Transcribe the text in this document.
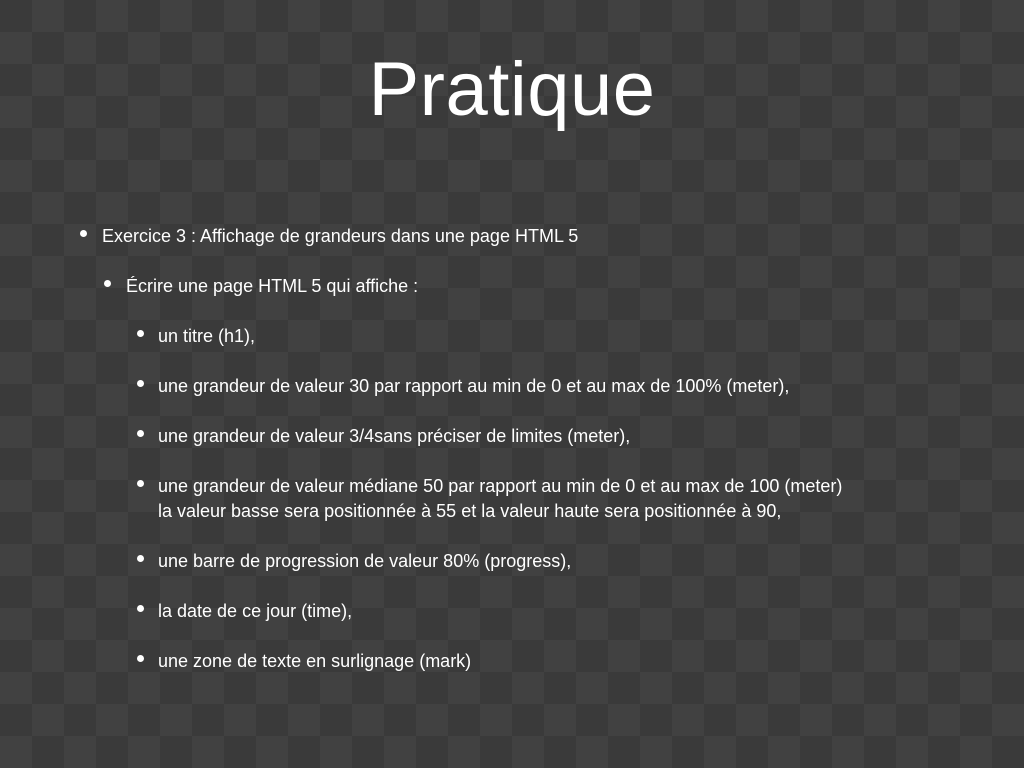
Pratique
Exercice 3 : Affichage de grandeurs dans une page HTML 5
Écrire une page HTML 5 qui affiche :
un titre (h1),
une grandeur de valeur 30 par rapport au min de 0 et au max de 100% (meter),
une grandeur de valeur 3/4sans préciser de limites (meter),
une grandeur de valeur médiane 50 par rapport au min de 0 et au max de 100 (meter)
la valeur basse sera positionnée à 55 et la valeur haute sera positionnée à 90,
une barre de progression de valeur 80% (progress),
la date de ce jour (time),
une zone de texte en surlignage (mark)
